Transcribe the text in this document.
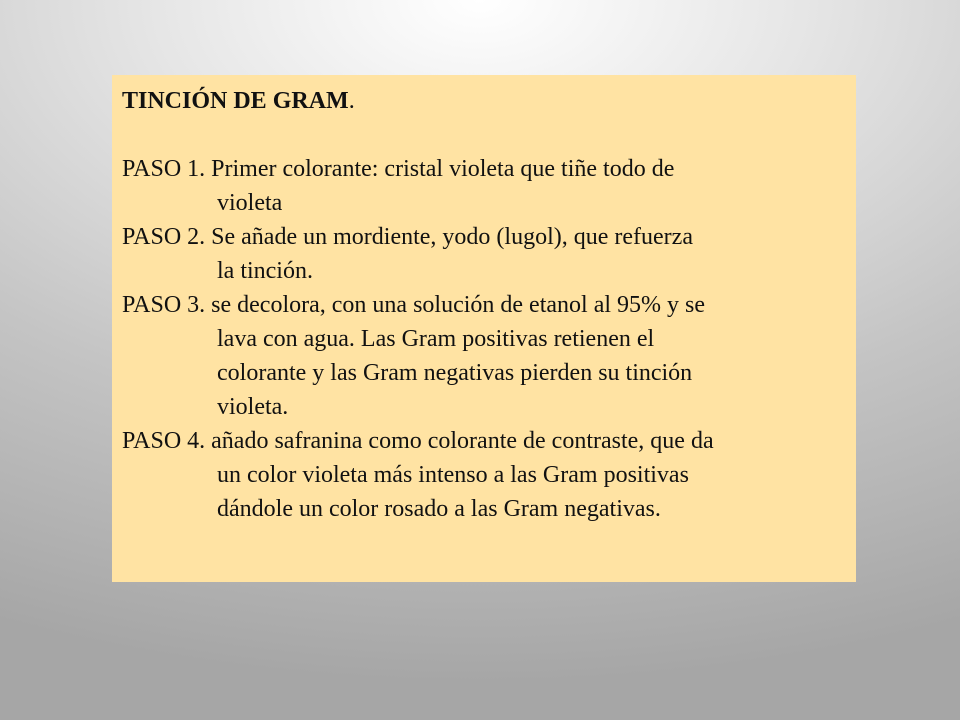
TINCIÓN DE GRAM.

PASO 1. Primer colorante: cristal violeta que tiñe todo de
violeta

PASO 2. Se añade un mordiente, yodo (lugol), que refuerza
la tinción.

PASO 3. se decolora, con una solución de etanol al 95% y se
lava con agua. Las Gram positivas retienen el
colorante y las Gram negativas pierden su tinción
violeta.

PASO 4. añado safranina como colorante de contraste, que da
un color violeta más intenso a las Gram positivas
dándole un color rosado a las Gram negativas.
